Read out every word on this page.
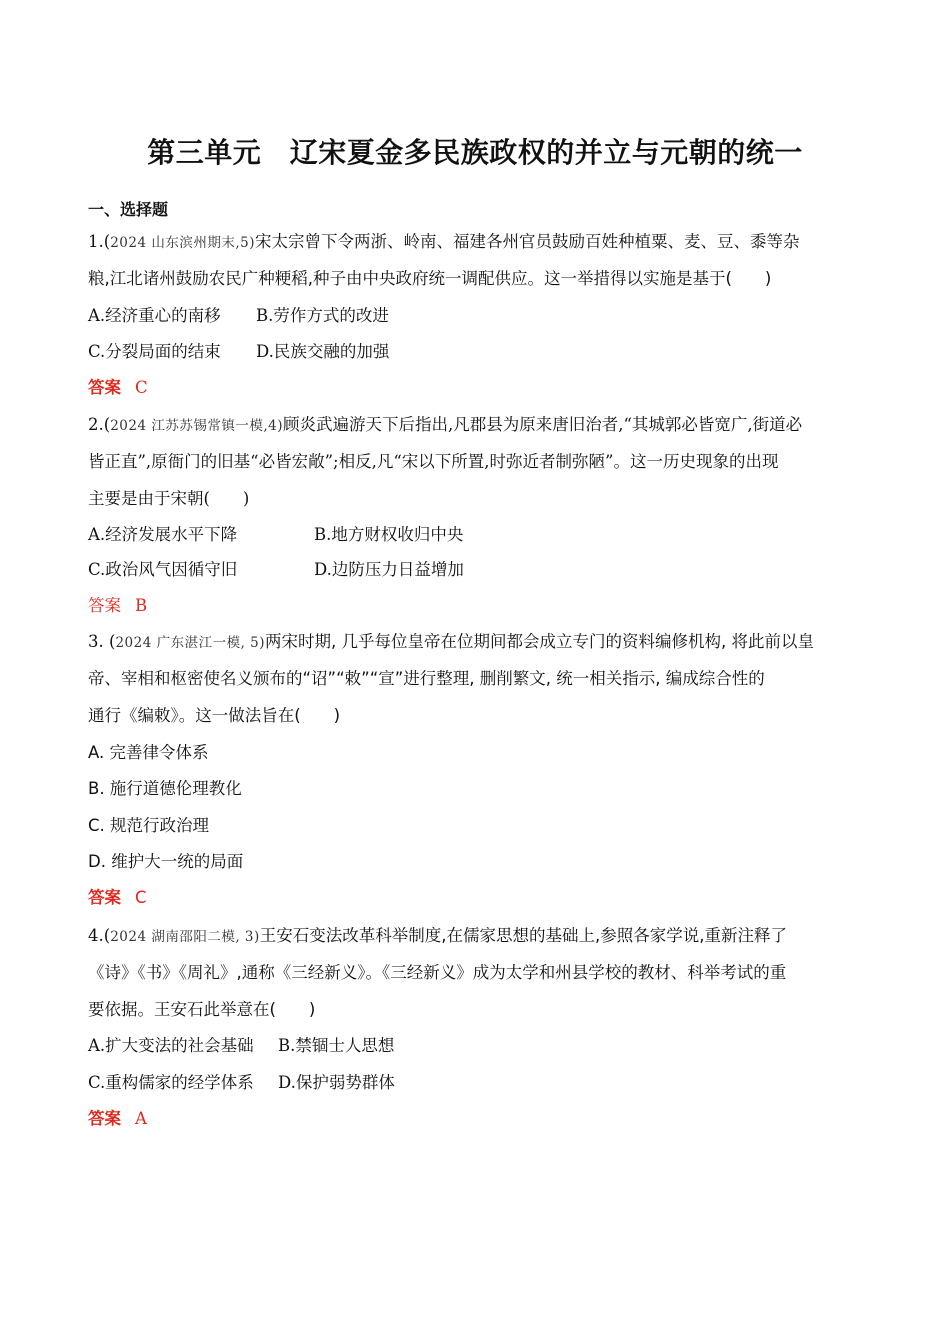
第三单元　辽宋夏金多民族政权的并立与元朝的统一
一、选择题
1.(2024 山东滨州期末,5)宋太宗曾下令两浙、岭南、福建各州官员鼓励百姓种植粟、麦、豆、黍等杂
粮,江北诸州鼓励农民广种粳稻,种子由中央政府统一调配供应。这一举措得以实施是基于(　　)
A.经济重心的南移 B.劳作方式的改进
C.分裂局面的结束 D.民族交融的加强
答案 C
2.(2024 江苏苏锡常镇一模,4)顾炎武遍游天下后指出,凡郡县为原来唐旧治者,“其城郭必皆宽广,街道必
皆正直”,原衙门的旧基“必皆宏敞”;相反,凡“宋以下所置,时弥近者制弥陋”。这一历史现象的出现
主要是由于宋朝(　　)
A.经济发展水平下降	B.地方财权收归中央
C.政治风气因循守旧	D.边防压力日益增加
答案 B
3. (2024 广东湛江一模, 5)两宋时期, 几乎每位皇帝在位期间都会成立专门的资料编修机构, 将此前以皇
帝、宰相和枢密使名义颁布的“诏”“敕”“宣”进行整理, 删削繁文, 统一相关指示, 编成综合性的
通行《编敕》。这一做法旨在(　　)
A. 完善律令体系
B. 施行道德伦理教化
C. 规范行政治理
D. 维护大一统的局面
答案 C
4.(2024 湖南邵阳二模, 3)王安石变法改革科举制度,在儒家思想的基础上,参照各家学说,重新注释了
《诗》《书》《周礼》,通称《三经新义》。《三经新义》成为太学和州县学校的教材、科举考试的重
要依据。王安石此举意在(　　)
A.扩大变法的社会基础 B.禁锢士人思想
C.重构儒家的经学体系 D.保护弱势群体
答案 A
